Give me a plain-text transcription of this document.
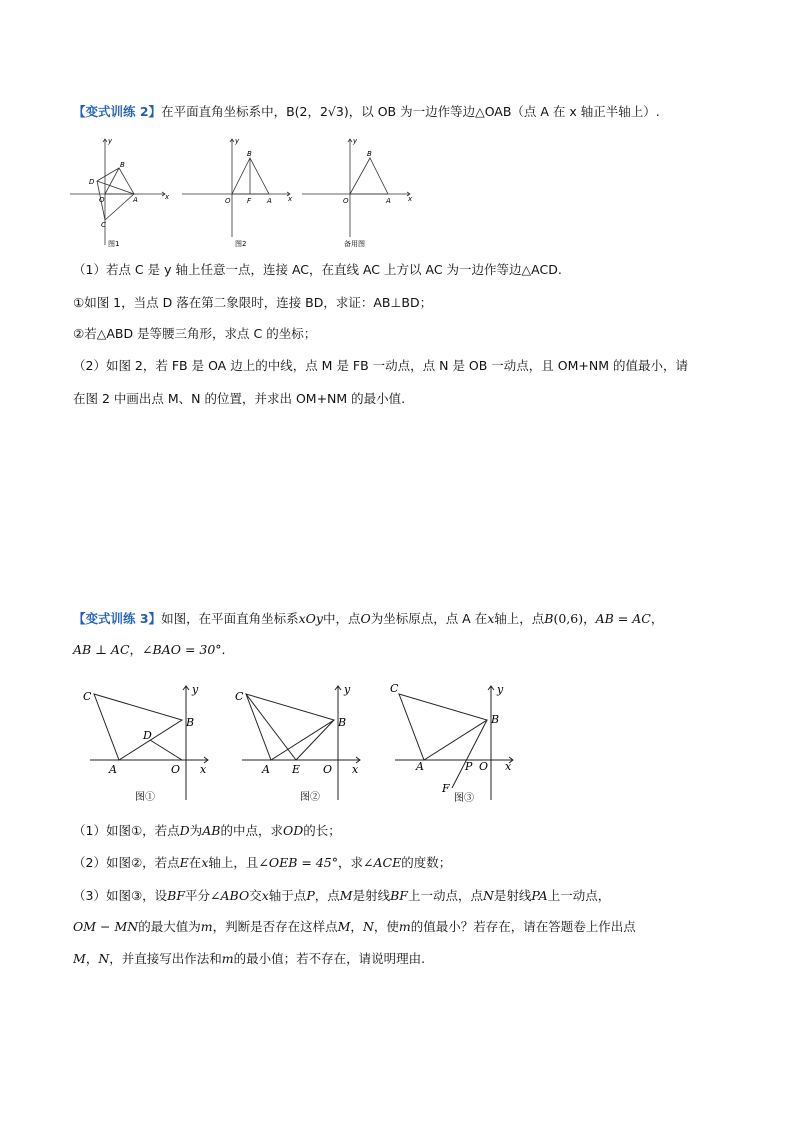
【变式训练 2】在平面直角坐标系中，B(2，2√3)，以 OB 为一边作等边△OAB（点 A 在 x 轴正半轴上）.
y
x
B
D
O	A
C
图1
y
x
B
O F A
图2
y
x
B
O	A
备用图
（1）若点 C 是 y 轴上任意一点，连接 AC，在直线 AC 上方以 AC 为一边作等边△ACD.
①如图 1，当点 D 落在第二象限时，连接 BD，求证：AB⊥BD；
②若△ABD 是等腰三角形，求点 C 的坐标；
（2）如图 2，若 FB 是 OA 边上的中线，点 M 是 FB 一动点，点 N 是 OB 一动点，且 OM+NM 的值最小，请
在图 2 中画出点 M、N 的位置，并求出 OM+NM 的最小值.
【变式训练 3】如图，在平面直角坐标系xOy中，点O为坐标原点，点 A 在x轴上，点B(0,6)，AB = AC，
AB ⊥ AC，∠BAO = 30°.
C
y
B
D
A	O x
图①
C
y
B
A E O x
图②
C	y
B
A	P O x
F
图③
（1）如图①，若点D为AB的中点，求OD的长；
（2）如图②，若点E在x轴上，且∠OEB = 45°，求∠ACE的度数；
（3）如图③，设BF平分∠ABO交x轴于点P，点M是射线BF上一动点，点N是射线PA上一动点，
OM − MN的最大值为m，判断是否存在这样点M，N，使m的值最小？若存在，请在答题卷上作出点
M，N，并直接写出作法和m的最小值；若不存在，请说明理由.
